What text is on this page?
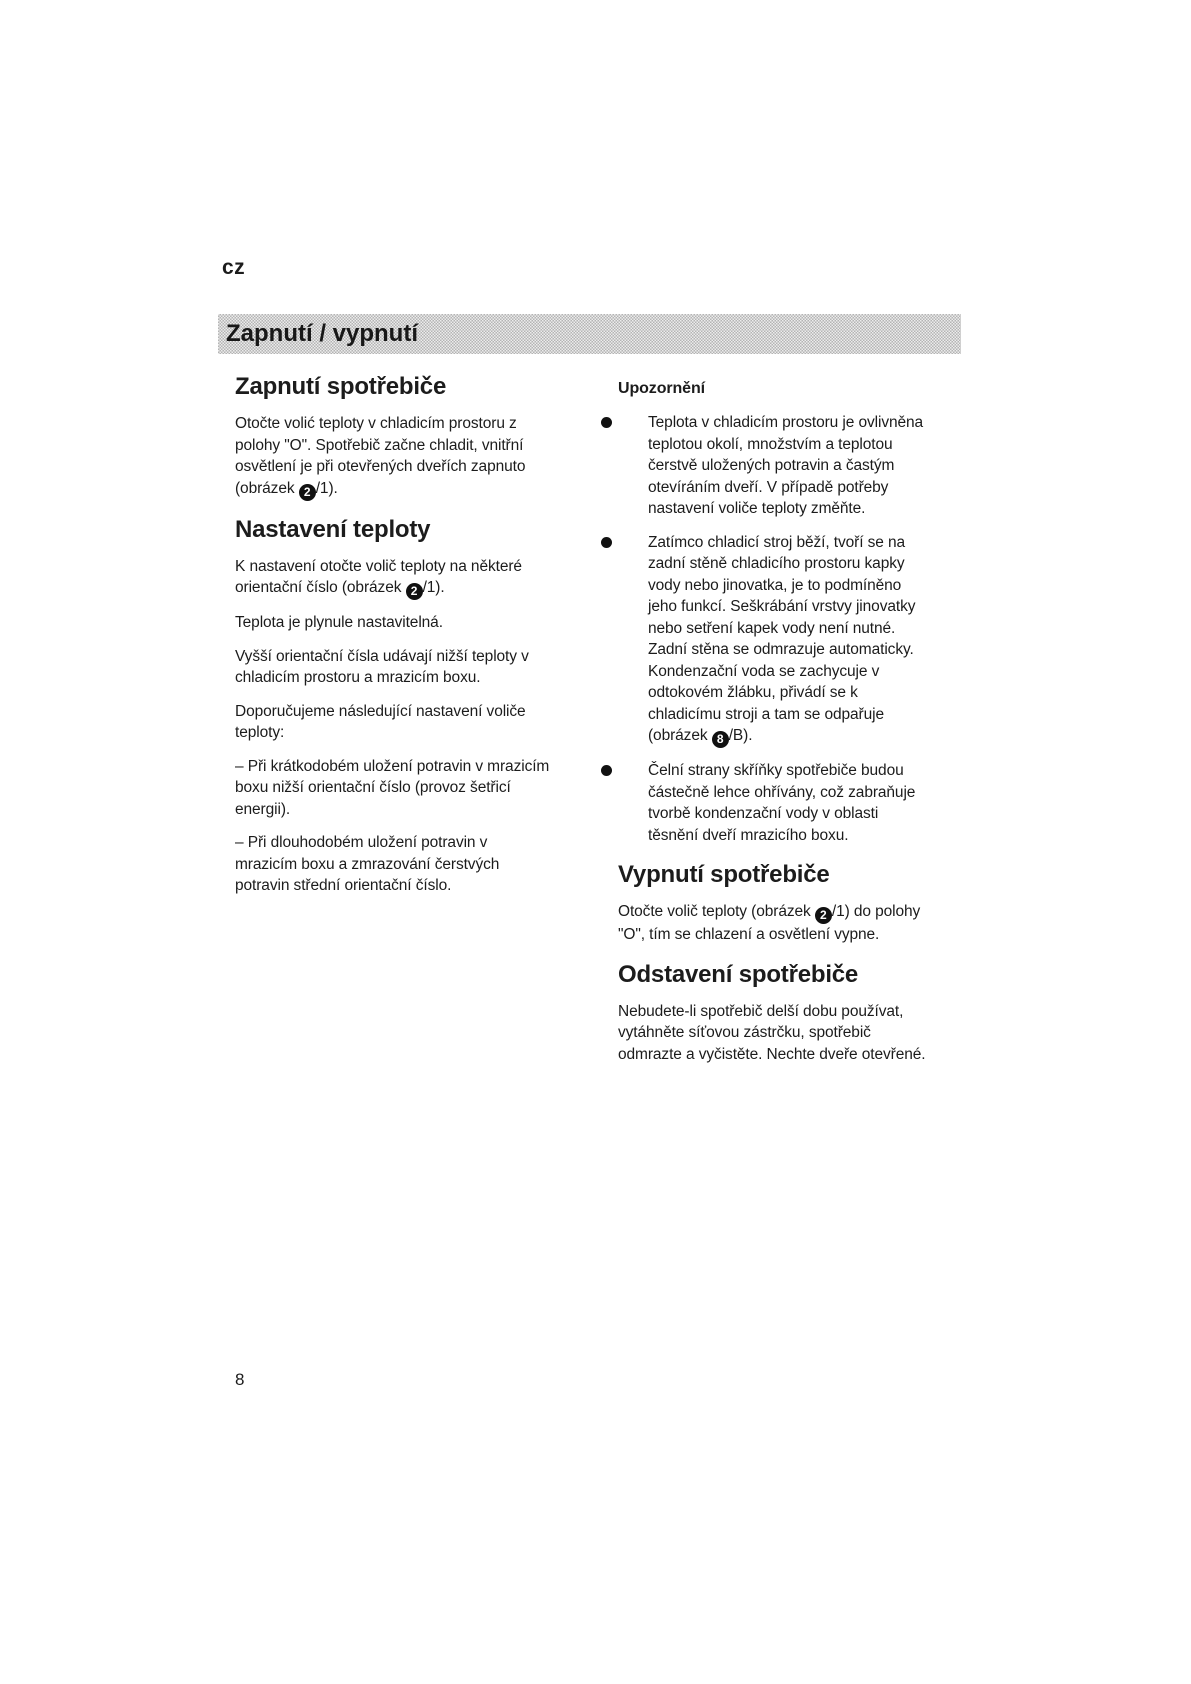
cz
Zapnutí / vypnutí
Zapnutí spotřebiče

Otočte volić teploty v chladicím prostoru z polohy "O". Spotřebič začne chladit, vnitřní osvětlení je při otevřených dveřích zapnuto (obrázek 2 /1).

Nastavení teploty

K nastavení otočte volič teploty na některé orientační číslo (obrázek 2 /1).

Teplota je plynule nastavitelná.

Vyšší orientační čísla udávají nižší teploty v chladicím prostoru a mrazicím boxu.

Doporučujeme následující nastavení voliče teploty:

– Při krátkodobém uložení potravin v mrazicím boxu nižší orientační číslo (provoz šetřicí energii).

– Při dlouhodobém uložení potravin v mrazicím boxu a zmrazování čerstvých potravin střední orientační číslo.

Upozornění
Teplota v chladicím prostoru je ovlivněna teplotou okolí, množstvím a teplotou čerstvě uložených potravin a častým otevíráním dveří. V případě potřeby nastavení voliče teploty změňte.
Zatímco chladicí stroj běží, tvoří se na zadní stěně chladicího prostoru kapky vody nebo jinovatka, je to podmíněno jeho funkcí. Seškrábání vrstvy jinovatky nebo setření kapek vody není nutné. Zadní stěna se odmrazuje automaticky. Kondenzační voda se zachycuje v odtokovém žlábku, přivádí se k chladicímu stroji a tam se odpařuje (obrázek 8 /B).
Čelní strany skříňky spotřebiče budou částečně lehce ohřívány, což zabraňuje tvorbě kondenzační vody v oblasti těsnění dveří mrazicího boxu.
Vypnutí spotřebiče

Otočte volič teploty (obrázek 2 /1) do polohy "O", tím se chlazení a osvětlení vypne.

Odstavení spotřebiče

Nebudete-li spotřebič delší dobu používat, vytáhněte síťovou zástrčku, spotřebič odmrazte a vyčistěte. Nechte dveře otevřené.

8
